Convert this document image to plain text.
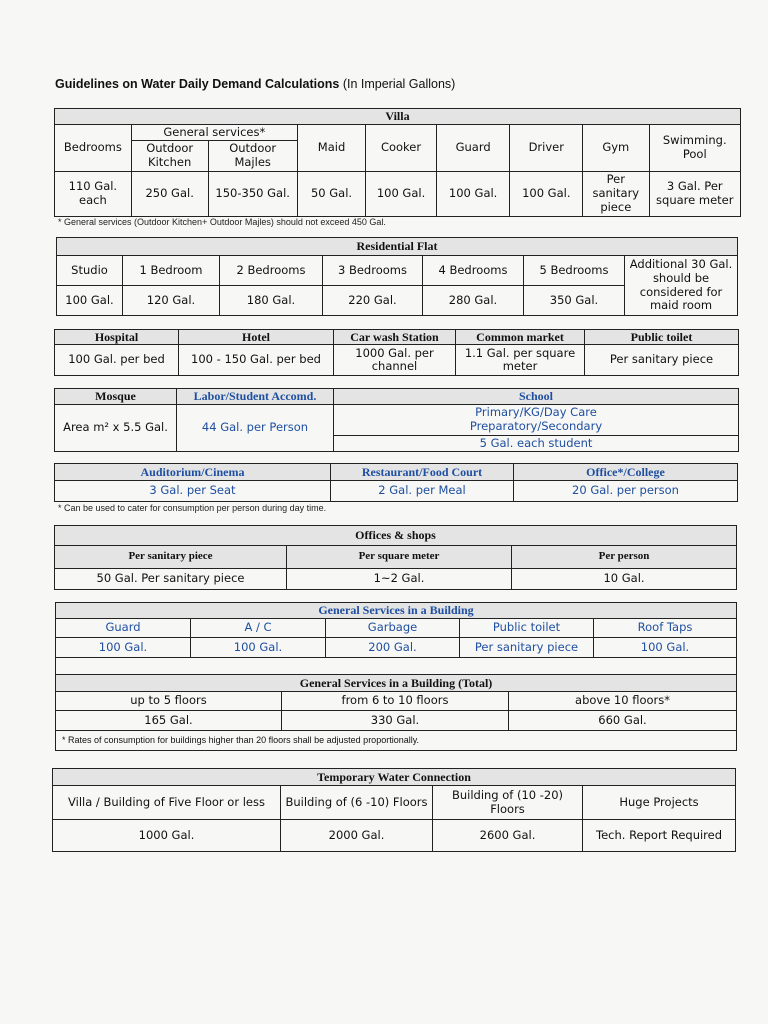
Guidelines on Water Daily Demand Calculations (In Imperial Gallons)
Villa								
Bedrooms	General services*		Maid	Cooker	Guard	Driver	Gym	Swimming. Pool
	Outdoor Kitchen	Outdoor Majles						
110 Gal. each	250 Gal.	150-350 Gal.	50 Gal.	100 Gal.	100 Gal.	100 Gal.	Per sanitary piece	3 Gal. Per square meter
* General services (Outdoor Kitchen+ Outdoor Majles) should not exceed 450 Gal.
Residential Flat						
Studio	1 Bedroom	2 Bedrooms	3 Bedrooms	4 Bedrooms	5 Bedrooms	Additional 30 Gal. should be considered for maid room
100 Gal.	120 Gal.	180 Gal.	220 Gal.	280 Gal.	350 Gal.	
Hospital	Hotel	Car wash Station	Common market	Public toilet
100 Gal. per bed	100 - 150 Gal. per bed	1000 Gal. per channel	1.1 Gal. per square meter	Per sanitary piece
Mosque	Labor/Student Accomd.	School
Area m² x 5.5 Gal.	44 Gal. per Person	Primary/KG/Day Care
Preparatory/Secondary

		5 Gal. each student
Auditorium/Cinema	Restaurant/Food Court	Office*/College
3 Gal. per Seat	2 Gal. per Meal	20 Gal. per person
* Can be used to cater for consumption per person during day time.
Offices & shops		
Per sanitary piece	Per square meter	Per person
50 Gal. Per sanitary piece	1~2 Gal.	10 Gal.
General Services in a Building				
Guard	A / C	Garbage	Public toilet	Roof Taps
100 Gal.	100 Gal.	200 Gal.	Per sanitary piece	100 Gal.

General Services in a Building (Total)		
up to 5 floors	from 6 to 10 floors	above 10 floors*
165 Gal.	330 Gal.	660 Gal.
* Rates of consumption for buildings higher than 20 floors shall be adjusted proportionally.		
Temporary Water Connection			
Villa / Building of Five Floor or less	Building of (6 -10) Floors	Building of (10 -20) Floors	Huge Projects
1000 Gal.	2000 Gal.	2600 Gal.	Tech. Report Required
